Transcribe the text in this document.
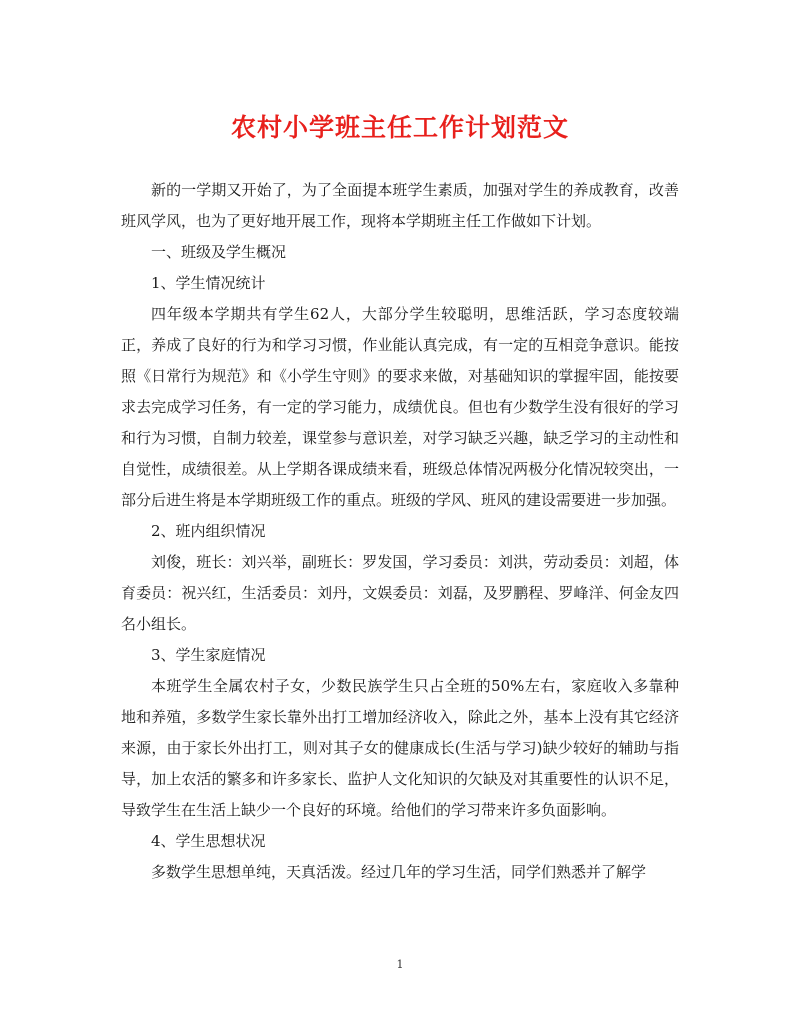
农村小学班主任工作计划范文

新的一学期又开始了，为了全面提本班学生素质，加强对学生的养成教育，改善班风学风，也为了更好地开展工作，现将本学期班主任工作做如下计划。

一、班级及学生概况

1、学生情况统计

四年级本学期共有学生62人，大部分学生较聪明，思维活跃，学习态度较端正，养成了良好的行为和学习习惯，作业能认真完成，有一定的互相竞争意识。能按照《日常行为规范》和《小学生守则》的要求来做，对基础知识的掌握牢固，能按要求去完成学习任务，有一定的学习能力，成绩优良。但也有少数学生没有很好的学习和行为习惯，自制力较差，课堂参与意识差，对学习缺乏兴趣，缺乏学习的主动性和自觉性，成绩很差。从上学期各课成绩来看，班级总体情况两极分化情况较突出，一部分后进生将是本学期班级工作的重点。班级的学风、班风的建设需要进一步加强。

2、班内组织情况

刘俊，班长：刘兴举，副班长：罗发国，学习委员：刘洪，劳动委员：刘超，体育委员：祝兴红，生活委员：刘丹，文娱委员：刘磊，及罗鹏程、罗峰洋、何金友四名小组长。

3、学生家庭情况

本班学生全属农村子女，少数民族学生只占全班的50%左右，家庭收入多靠种地和养殖，多数学生家长靠外出打工增加经济收入，除此之外，基本上没有其它经济来源，由于家长外出打工，则对其子女的健康成长(生活与学习)缺少较好的辅助与指导，加上农活的繁多和许多家长、监护人文化知识的欠缺及对其重要性的认识不足，导致学生在生活上缺少一个良好的环境。给他们的学习带来许多负面影响。

4、学生思想状况

多数学生思想单纯，天真活泼。经过几年的学习生活，同学们熟悉并了解学

1
